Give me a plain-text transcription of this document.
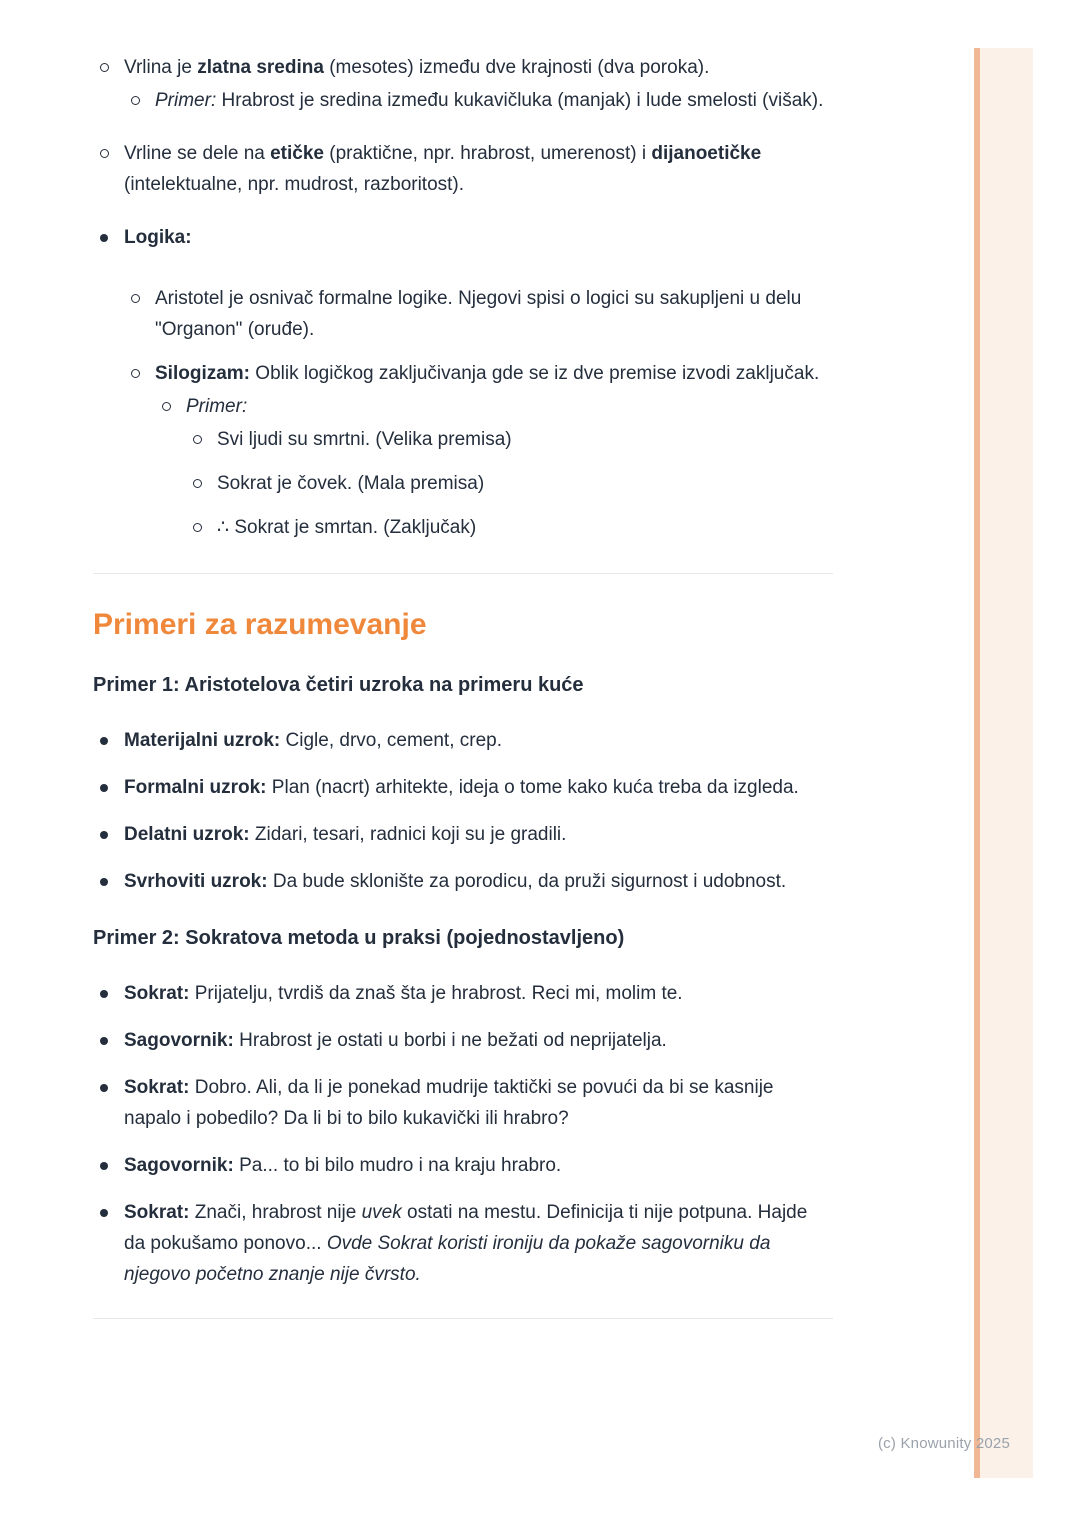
Vrlina je zlatna sredina (mesotes) između dve krajnosti (dva poroka).
Primer: Hrabrost je sredina između kukavičluka (manjak) i lude smelosti (višak).
Vrline se dele na etičke (praktične, npr. hrabrost, umerenost) i dijanoetičke (intelektualne, npr. mudrost, razboritost).
Logika:
Aristotel je osnivač formalne logike. Njegovi spisi o logici su sakupljeni u delu "Organon" (oruđe).
Silogizam: Oblik logičkog zaključivanja gde se iz dve premise izvodi zaključak.
Primer:
Svi ljudi su smrtni. (Velika premisa)
Sokrat je čovek. (Mala premisa)
∴ Sokrat je smrtan. (Zaključak)
Primeri za razumevanje
Primer 1: Aristotelova četiri uzroka na primeru kuće
Materijalni uzrok: Cigle, drvo, cement, crep.
Formalni uzrok: Plan (nacrt) arhitekte, ideja o tome kako kuća treba da izgleda.
Delatni uzrok: Zidari, tesari, radnici koji su je gradili.
Svrhoviti uzrok: Da bude sklonište za porodicu, da pruži sigurnost i udobnost.
Primer 2: Sokratova metoda u praksi (pojednostavljeno)
Sokrat: Prijatelju, tvrdiš da znaš šta je hrabrost. Reci mi, molim te.
Sagovornik: Hrabrost je ostati u borbi i ne bežati od neprijatelja.
Sokrat: Dobro. Ali, da li je ponekad mudrije taktički se povući da bi se kasnije napalo i pobedilo? Da li bi to bilo kukavički ili hrabro?
Sagovornik: Pa... to bi bilo mudro i na kraju hrabro.
Sokrat: Znači, hrabrost nije uvek ostati na mestu. Definicija ti nije potpuna. Hajde da pokušamo ponovo... Ovde Sokrat koristi ironiju da pokaže sagovorniku da njegovo početno znanje nije čvrsto.
(c) Knowunity 2025
